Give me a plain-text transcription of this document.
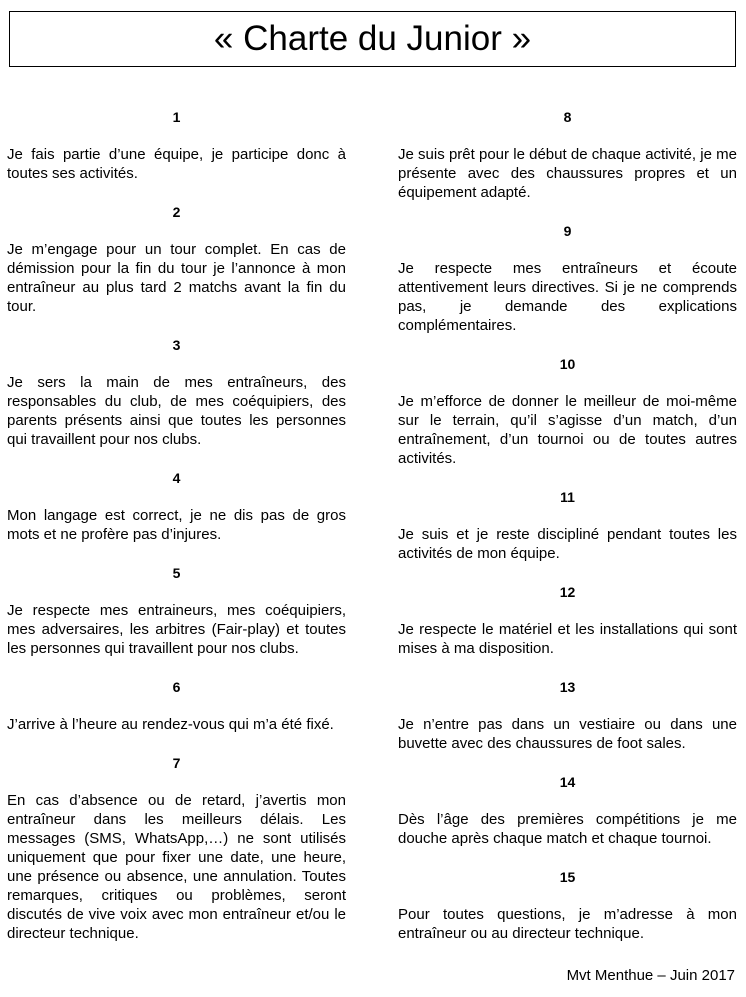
« Charte du Junior »
1

Je fais partie d’une équipe, je participe donc à toutes ses activités.

2

Je m’engage pour un tour complet. En cas de démission pour la fin du tour je l’annonce à mon entraîneur au plus tard 2 matchs avant la fin du tour.

3

Je sers la main de mes entraîneurs, des responsables du club, de mes coéquipiers, des parents présents ainsi que toutes les personnes qui travaillent pour nos clubs.

4

Mon langage est correct, je ne dis pas de gros mots et ne profère pas d’injures.

5

Je respecte mes entraineurs, mes coéquipiers, mes adversaires, les arbitres (Fair-play) et toutes les personnes qui travaillent pour nos clubs.

6

J’arrive à l’heure au rendez-vous qui m’a été fixé.

7

En cas d’absence ou de retard, j’avertis mon entraîneur dans les meilleurs délais. Les messages (SMS, WhatsApp,…) ne sont utilisés uniquement que pour fixer une date, une heure, une présence ou absence, une annulation. Toutes remarques, critiques ou problèmes, seront discutés de vive voix avec mon entraîneur et/ou le directeur technique.

8

Je suis prêt pour le début de chaque activité, je me présente avec des chaussures propres et un équipement adapté.

9

Je respecte mes entraîneurs et écoute attentivement leurs directives. Si je ne comprends pas, je demande des explications complémentaires.

10

Je m’efforce de donner le meilleur de moi-même sur le terrain, qu’il s’agisse d’un match, d’un entraînement, d’un tournoi ou de toutes autres activités.

11

Je suis et je reste discipliné pendant toutes les activités de mon équipe.

12

Je respecte le matériel et les installations qui sont mises à ma disposition.

13

Je n’entre pas dans un vestiaire ou dans une buvette avec des chaussures de foot sales.

14

Dès l’âge des premières compétitions je me douche après chaque match et chaque tournoi.

15

Pour toutes questions, je m’adresse à mon entraîneur ou au directeur technique.

Mvt Menthue – Juin 2017
